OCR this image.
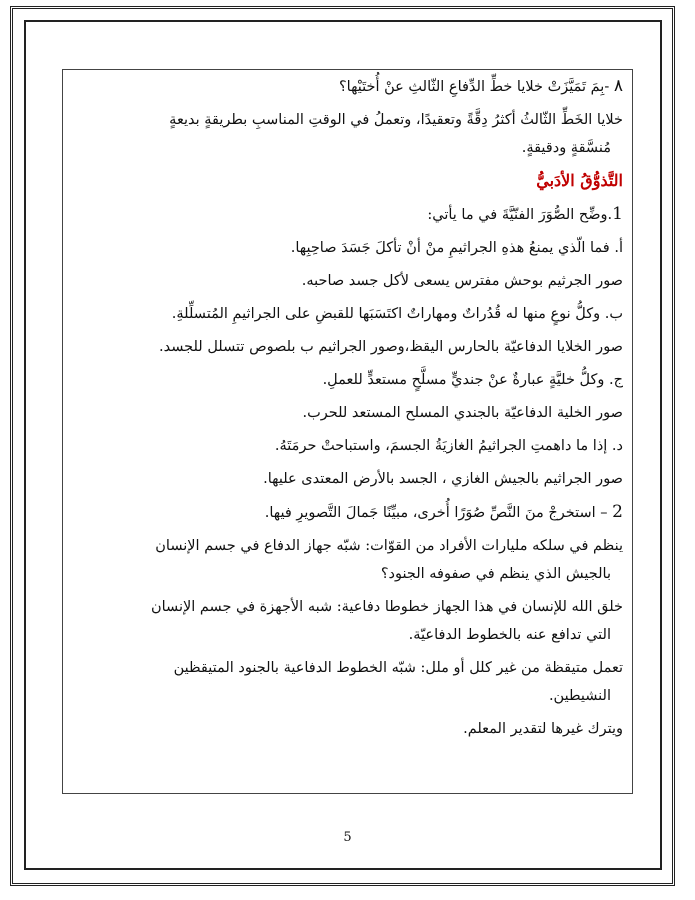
٨ -بِمَ تَمَيَّزَتْ خلايا خطِّ الدِّفاعِ الثّالثِ عنْ أُختَيْها؟

خلايا الخَطِّ الثّالثُ أكثرُ دِقَّةً وتعقيدًا، وتعملُ في الوقتِ المناسبِ بطريقةٍ بديعةٍ

مُنسَّقةٍ ودقيقةٍ.

التَّذوُّقُ الأدَبيُّ

1.وضِّح الصُّوَرَ الفنّيَّةَ في ما يأتي:

أ. فما الّذي يمنعُ هذهِ الجراثيمِ منْ أنْ تأكلَ جَسَدَ صاحِبِها.

صور الجرثيم بوحش مفترس يسعى لأكل جسد صاحبه.

ب. وكلُّ نوعٍ منها له قُدُراتٌ ومهاراتٌ اكتَسَبَها للقبضِ على الجراثيمِ المُتسلِّلةِ.

صور الخلايا الدفاعيّة بالحارس اليقظ،وصور الجراثيم ب بلصوص تتسلل للجسد.

ج. وكلُّ خليَّةٍ عبارةٌ عنْ جنديٍّ مسلَّحٍ مستعدٍّ للعملِ.

صور الخلية الدفاعيّة بالجندي المسلح المستعد للحرب.

د. إذا ما داهمتِ الجراثيمُ الغازيَةُ الجسمَ، واستباحتْ حرمَتَهُ.

صور الجراثيم بالجيش الغازي ، الجسد بالأرض المعتدى عليها.

2 – استخرجْ منَ النَّصِّ صُوَرًا أُخرى، مبيِّنًا جَمالَ التَّصويرِ فيها.

ينظم في سلكه مليارات الأفراد من القوّات: شبّه جهاز الدفاع في جسم الإنسان

بالجيش الذي ينظم في صفوفه الجنود؟

خلق الله للإنسان في هذا الجهاز خطوطا دفاعية: شبه الأجهزة في جسم الإنسان

التي تدافع عنه بالخطوط الدفاعيّة.

تعمل متيقظة من غير كلل أو ملل: شبّه الخطوط الدفاعية بالجنود المتيقظين

النشيطين.

ويترك غيرها لتقدير المعلم.

5
